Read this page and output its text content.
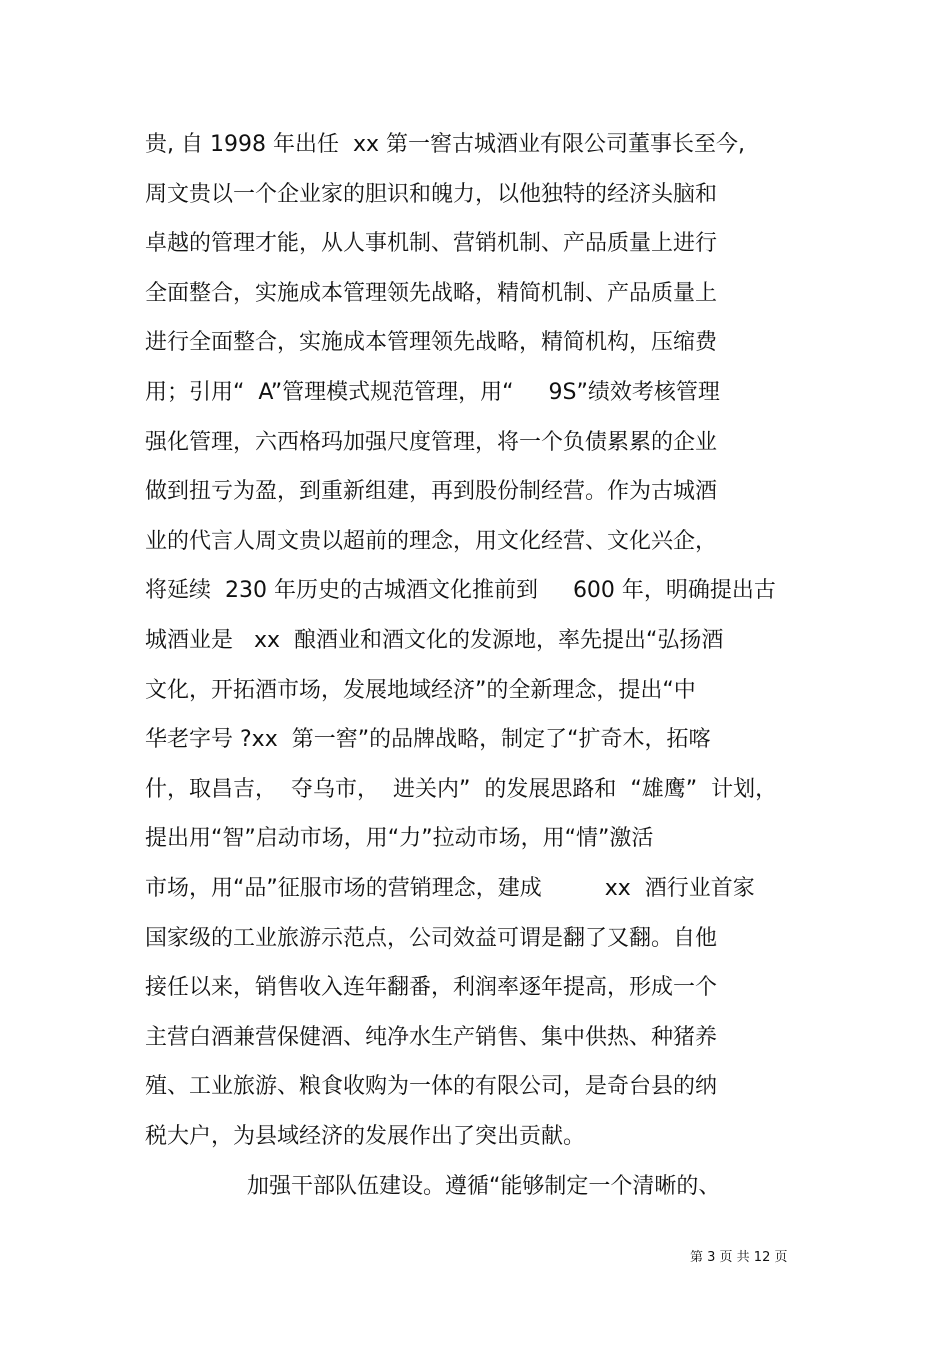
贵, 自 1998 年出任  xx 第一窖古城酒业有限公司董事长至今,
周文贵以一个企业家的胆识和魄力，以他独特的经济头脑和
卓越的管理才能，从人事机制、营销机制、产品质量上进行
全面整合，实施成本管理领先战略，精简机制、产品质量上
进行全面整合，实施成本管理领先战略，精简机构，压缩费
用；引用“  A”管理模式规范管理，用“     9S”绩效考核管理
强化管理，六西格玛加强尺度管理，将一个负债累累的企业
做到扭亏为盈，到重新组建，再到股份制经营。作为古城酒
业的代言人周文贵以超前的理念，用文化经营、文化兴企，
将延续  230 年历史的古城酒文化推前到     600 年，明确提出古
城酒业是   xx  酿酒业和酒文化的发源地，率先提出“弘扬酒
文化，开拓酒市场，发展地域经济”的全新理念，提出“中
华老字号 ?xx  第一窖”的品牌战略，制定了“扩奇木，拓喀
什，取昌吉，  夺乌市，  进关内”  的发展思路和  “雄鹰”  计划，
提出用“智”启动市场，用“力”拉动市场，用“情”激活
市场，用“品”征服市场的营销理念，建成         xx  酒行业首家
国家级的工业旅游示范点，公司效益可谓是翻了又翻。自他
接任以来，销售收入连年翻番，利润率逐年提高，形成一个
主营白酒兼营保健酒、纯净水生产销售、集中供热、种猪养
殖、工业旅游、粮食收购为一体的有限公司，是奇台县的纳
税大户，为县域经济的发展作出了突出贡献。
加强干部队伍建设。遵循“能够制定一个清晰的、
第 3 页 共 12 页
